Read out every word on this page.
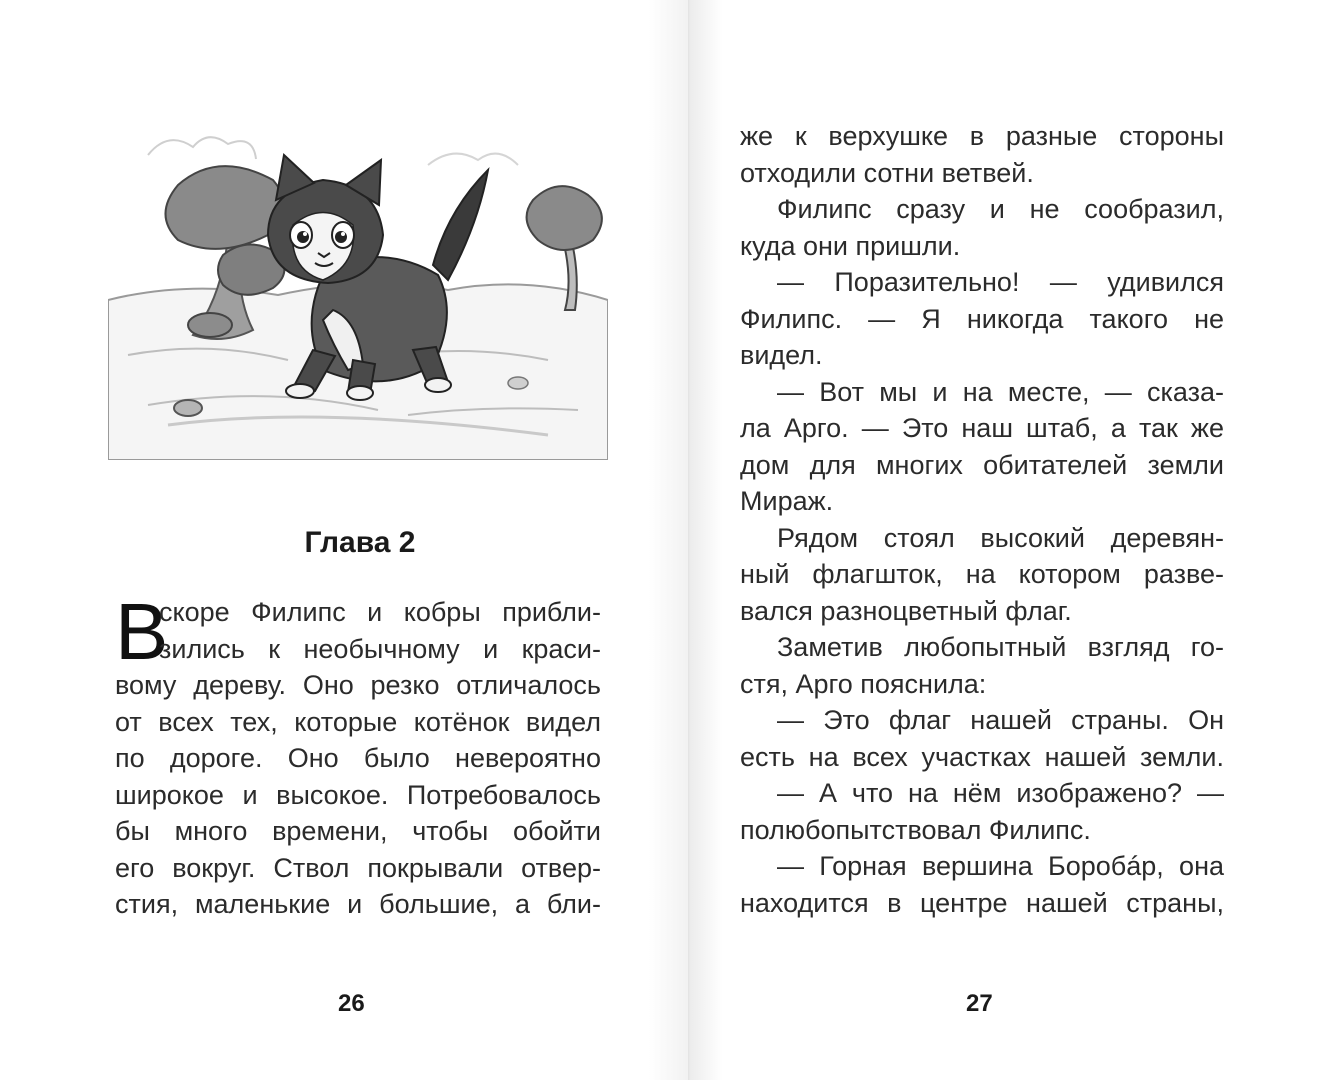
Глава 2
В
скоре Филипс и кобры прибли-
зились к необычному и краси-
вому дереву. Оно резко отличалось
от всех тех, которые котёнок видел
по дороге. Оно было невероятно
широкое и высокое. Потребовалось
бы много времени, чтобы обойти
его вокруг. Ствол покрывали отвер-
стия, маленькие и большие, а бли-
26
же к верхушке в разные стороны
отходили сотни ветвей.
Филипс сразу и не сообразил,
куда они пришли.
— Поразительно! — удивился
Филипс. — Я никогда такого не
видел.
— Вот мы и на месте, — сказа-
ла Арго. — Это наш штаб, а так же
дом для многих обитателей земли
Мираж.
Рядом стоял высокий деревян-
ный флагшток, на котором разве-
вался разноцветный флаг.
Заметив любопытный взгляд го-
стя, Арго пояснила:
— Это флаг нашей страны. Он
есть на всех участках нашей земли.
— А что на нём изображено? —
полюбопытствовал Филипс.
— Горная вершина Боробáр, она
находится в центре нашей страны,
27
